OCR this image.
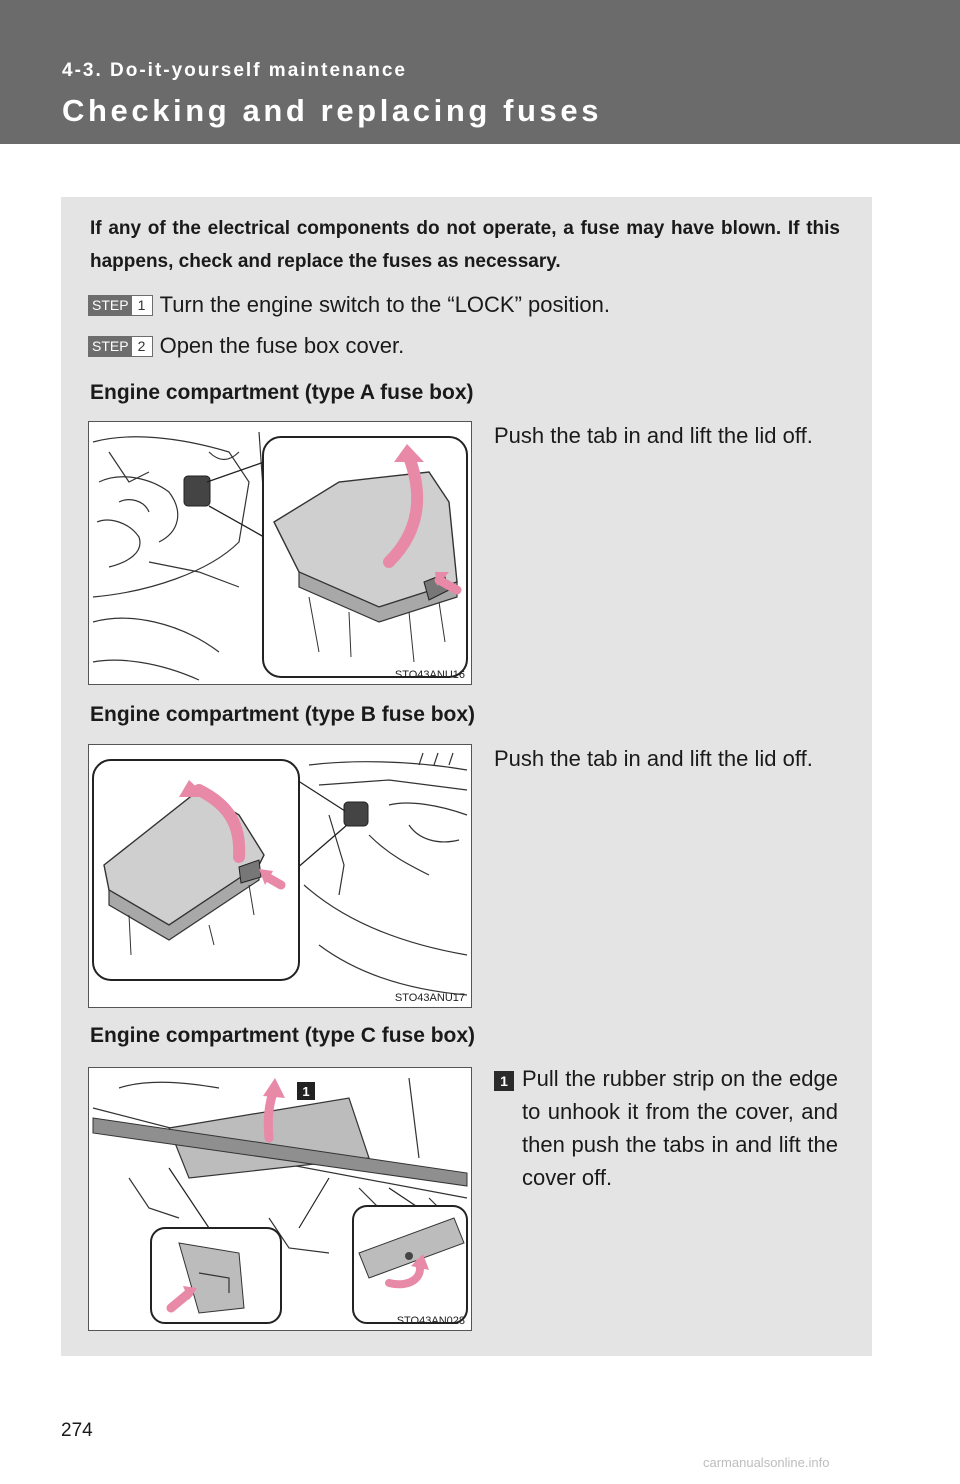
4-3. Do-it-yourself maintenance
Checking and replacing fuses

If any of the electrical components do not operate, a fuse may have blown. If this happens, check and replace the fuses as necessary.

STEP 1 Turn the engine switch to the “LOCK” position.
STEP 2 Open the fuse box cover.
Engine compartment (type A fuse box)
STO43ANU16

Push the tab in and lift the lid off.

Engine compartment (type B fuse box)
STO43ANU17

Push the tab in and lift the lid off.

Engine compartment (type C fuse box)
1
STO43AN028
1 Pull the rubber strip on the edge to unhook it from the cover, and then push the tabs in and lift the cover off.

274
carmanualsonline.info
